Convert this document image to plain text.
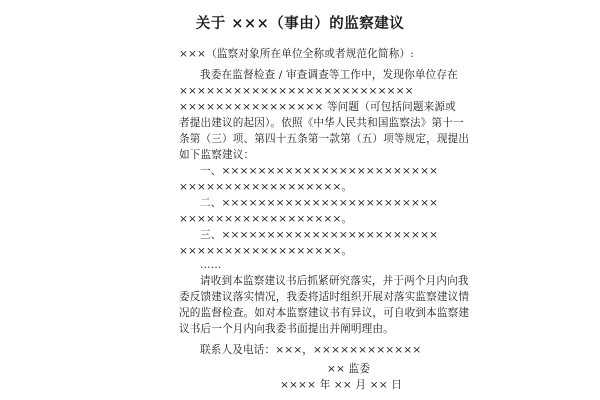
关于 ×××（事由）的监察建议
×××（监察对象所在单位全称或者规范化简称）:
我委在监督检查 / 审查调查等工作中，发现你单位存在
××××××××××××××××××××××××××
×××××××××××××××× 等问题（可包括问题来源或
者提出建议的起因）。依照《中华人民共和国监察法》第十一
条第（三）项、第四十五条第一款第（五）项等规定，现提出
如下监察建议：
一、××××××××××××××××××××××××
××××××××××××××××××。
二、××××××××××××××××××××××××
××××××××××××××××××。
三、××××××××××××××××××××××××
××××××××××××××××××。
……
请收到本监察建议书后抓紧研究落实，并于两个月内向我
委反馈建议落实情况，我委将适时组织开展对落实监察建议情
况的监督检查。如对本监察建议书有异议，可自收到本监察建
议书后一个月内向我委书面提出并阐明理由。
联系人及电话：×××，××××××××××××
×× 监委
×××× 年 ×× 月 ×× 日
